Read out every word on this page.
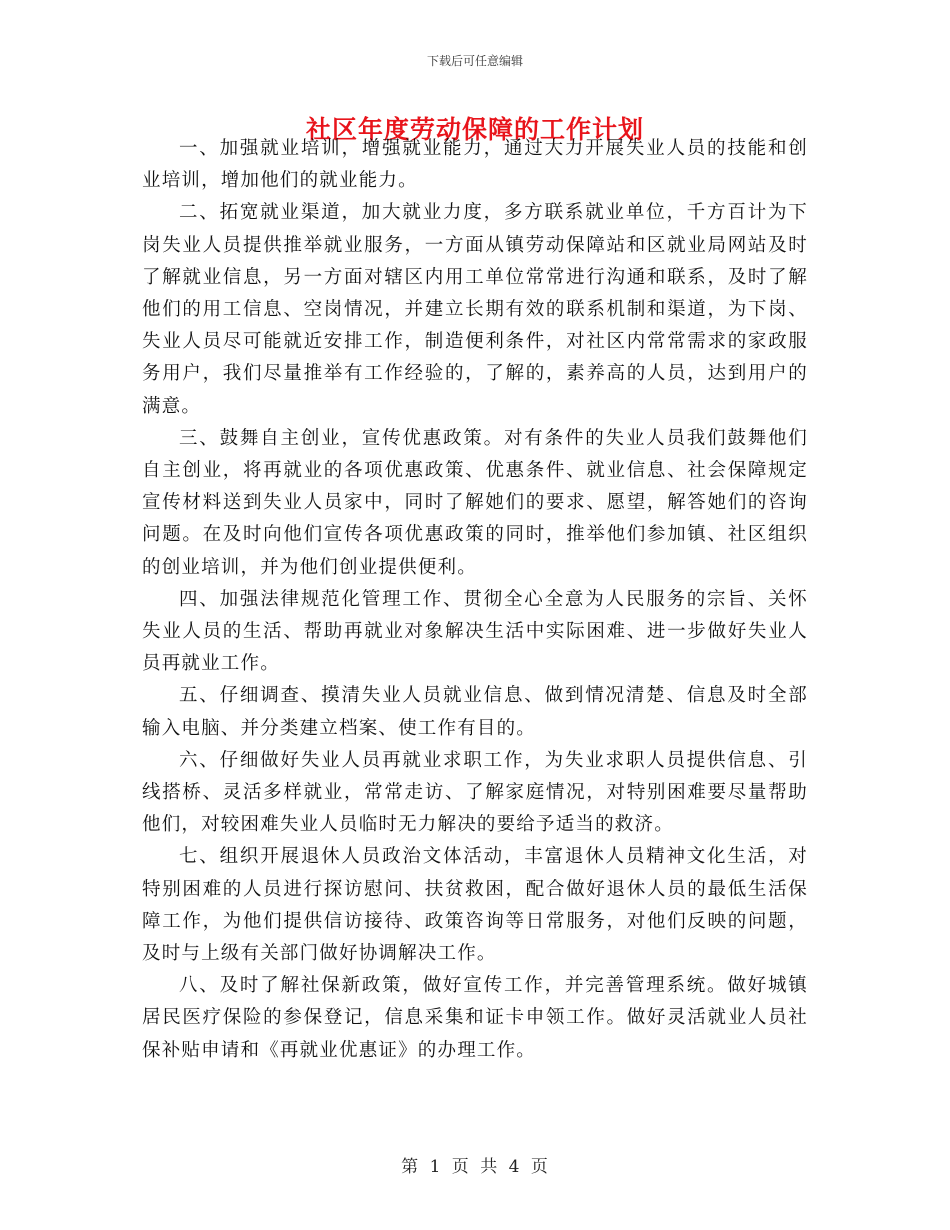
下载后可任意编辑
社区年度劳动保障的工作计划

一、加强就业培训，增强就业能力，通过大力开展失业人员的技能和创业培训，增加他们的就业能力。

二、拓宽就业渠道，加大就业力度，多方联系就业单位，千方百计为下岗失业人员提供推举就业服务，一方面从镇劳动保障站和区就业局网站及时了解就业信息，另一方面对辖区内用工单位常常进行沟通和联系，及时了解他们的用工信息、空岗情况，并建立长期有效的联系机制和渠道，为下岗、失业人员尽可能就近安排工作，制造便利条件，对社区内常常需求的家政服务用户，我们尽量推举有工作经验的，了解的，素养高的人员，达到用户的满意。

三、鼓舞自主创业，宣传优惠政策。对有条件的失业人员我们鼓舞他们自主创业，将再就业的各项优惠政策、优惠条件、就业信息、社会保障规定宣传材料送到失业人员家中，同时了解她们的要求、愿望，解答她们的咨询问题。在及时向他们宣传各项优惠政策的同时，推举他们参加镇、社区组织的创业培训，并为他们创业提供便利。

四、加强法律规范化管理工作、贯彻全心全意为人民服务的宗旨、关怀失业人员的生活、帮助再就业对象解决生活中实际困难、进一步做好失业人员再就业工作。

五、仔细调查、摸清失业人员就业信息、做到情况清楚、信息及时全部输入电脑、并分类建立档案、使工作有目的。

六、仔细做好失业人员再就业求职工作，为失业求职人员提供信息、引线搭桥、灵活多样就业，常常走访、了解家庭情况，对特别困难要尽量帮助他们，对较困难失业人员临时无力解决的要给予适当的救济。

七、组织开展退休人员政治文体活动，丰富退休人员精神文化生活，对特别困难的人员进行探访慰问、扶贫救困，配合做好退休人员的最低生活保障工作，为他们提供信访接待、政策咨询等日常服务，对他们反映的问题，及时与上级有关部门做好协调解决工作。

八、及时了解社保新政策，做好宣传工作，并完善管理系统。做好城镇居民医疗保险的参保登记，信息采集和证卡申领工作。做好灵活就业人员社保补贴申请和《再就业优惠证》的办理工作。

第 1 页 共 4 页
